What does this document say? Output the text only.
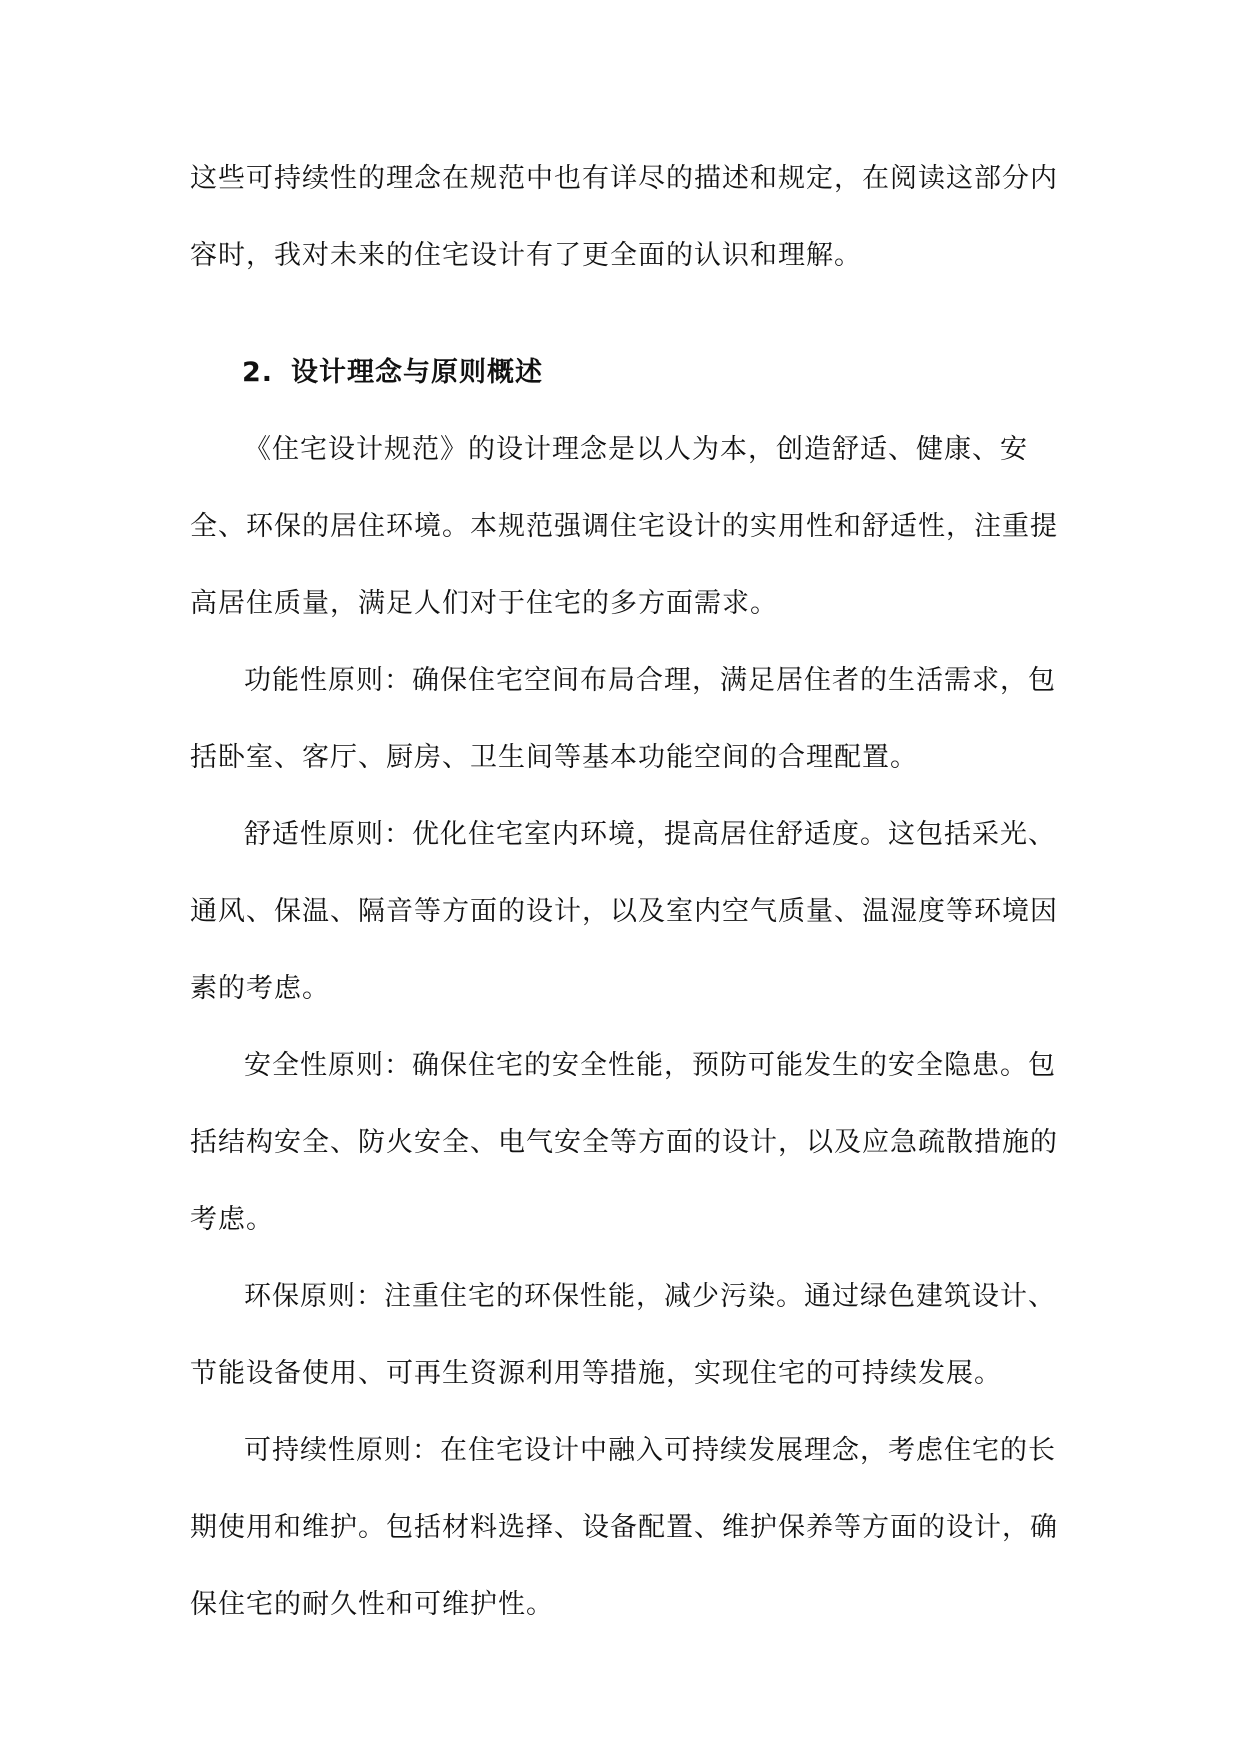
这些可持续性的理念在规范中也有详尽的描述和规定，在阅读这部分内容时，我对未来的住宅设计有了更全面的认识和理解。

2. 设计理念与原则概述

《住宅设计规范》的设计理念是以人为本，创造舒适、健康、安全、环保的居住环境。本规范强调住宅设计的实用性和舒适性，注重提高居住质量，满足人们对于住宅的多方面需求。

功能性原则：确保住宅空间布局合理，满足居住者的生活需求，包括卧室、客厅、厨房、卫生间等基本功能空间的合理配置。

舒适性原则：优化住宅室内环境，提高居住舒适度。这包括采光、通风、保温、隔音等方面的设计，以及室内空气质量、温湿度等环境因素的考虑。

安全性原则：确保住宅的安全性能，预防可能发生的安全隐患。包括结构安全、防火安全、电气安全等方面的设计，以及应急疏散措施的考虑。

环保原则：注重住宅的环保性能，减少污染。通过绿色建筑设计、节能设备使用、可再生资源利用等措施，实现住宅的可持续发展。

可持续性原则：在住宅设计中融入可持续发展理念，考虑住宅的长期使用和维护。包括材料选择、设备配置、维护保养等方面的设计，确保住宅的耐久性和可维护性。
